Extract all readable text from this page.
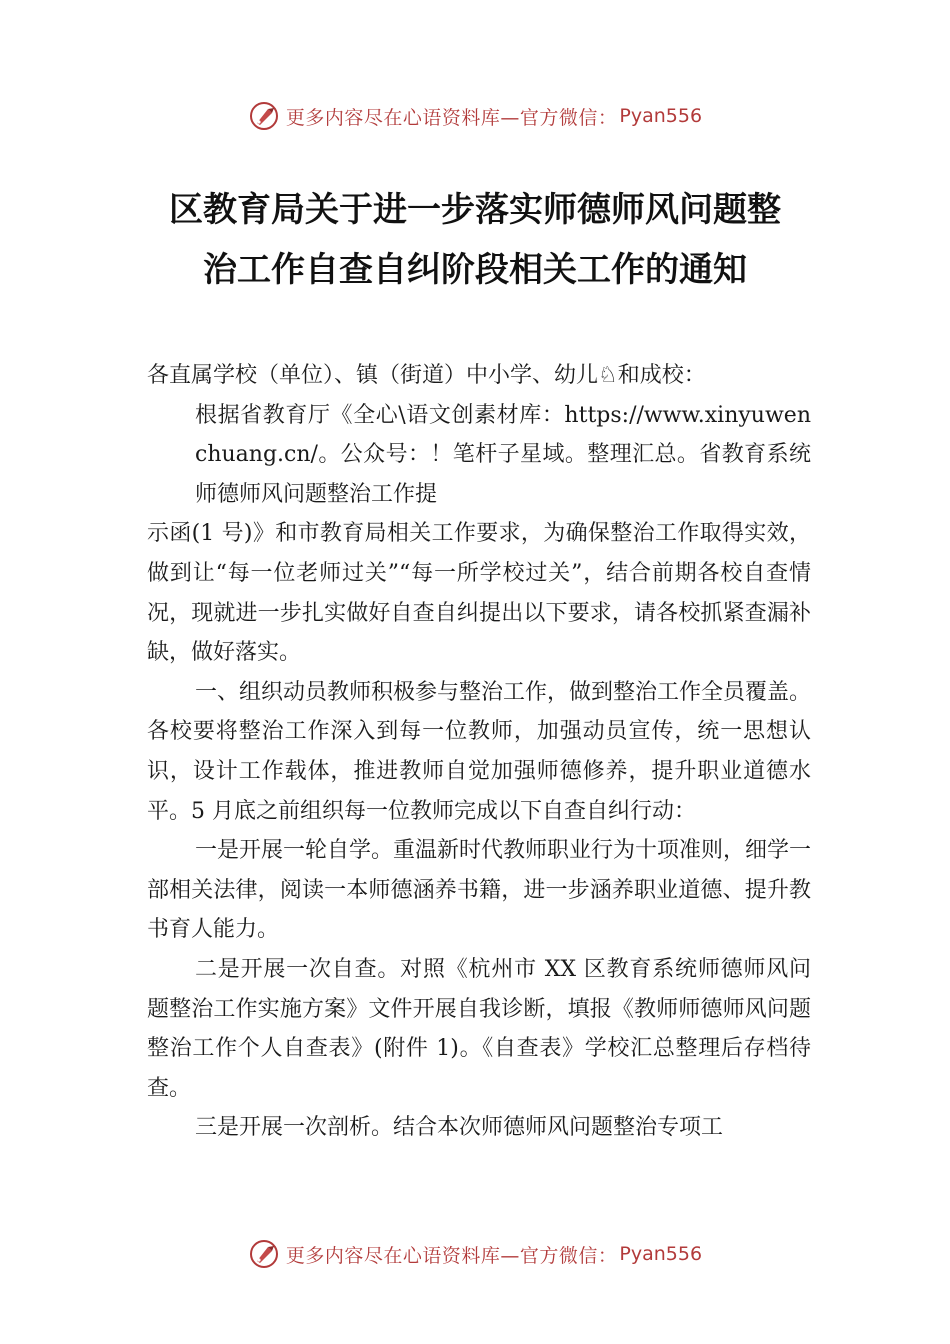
更多内容尽在心语资料库—官方微信： Pyan556
区教育局关于进一步落实师德师风问题整
治工作自查自纠阶段相关工作的通知

各直属学校（单位）、镇（街道）中小学、幼儿♘和成校：

根据省教育厅《全心\语文创素材库：https://www.xinyuwenchuang.cn/。公众号：！笔杆子星域。整理汇总。省教育系统师德师风问题整治工作提

示函(1 号)》和市教育局相关工作要求，为确保整治工作取得实效，做到让“每一位老师过关”“每一所学校过关”，结合前期各校自查情况，现就进一步扎实做好自查自纠提出以下要求，请各校抓紧查漏补缺，做好落实。

一、组织动员教师积极参与整治工作，做到整治工作全员覆盖。各校要将整治工作深入到每一位教师，加强动员宣传，统一思想认识，设计工作载体，推进教师自觉加强师德修养，提升职业道德水平。5 月底之前组织每一位教师完成以下自查自纠行动：

一是开展一轮自学。重温新时代教师职业行为十项准则，细学一部相关法律，阅读一本师德涵养书籍，进一步涵养职业道德、提升教书育人能力。

二是开展一次自查。对照《杭州市 XX 区教育系统师德师风问题整治工作实施方案》文件开展自我诊断，填报《教师师德师风问题整治工作个人自查表》(附件 1)。《自查表》学校汇总整理后存档待查。

三是开展一次剖析。结合本次师德师风问题整治专项工

更多内容尽在心语资料库—官方微信： Pyan556
